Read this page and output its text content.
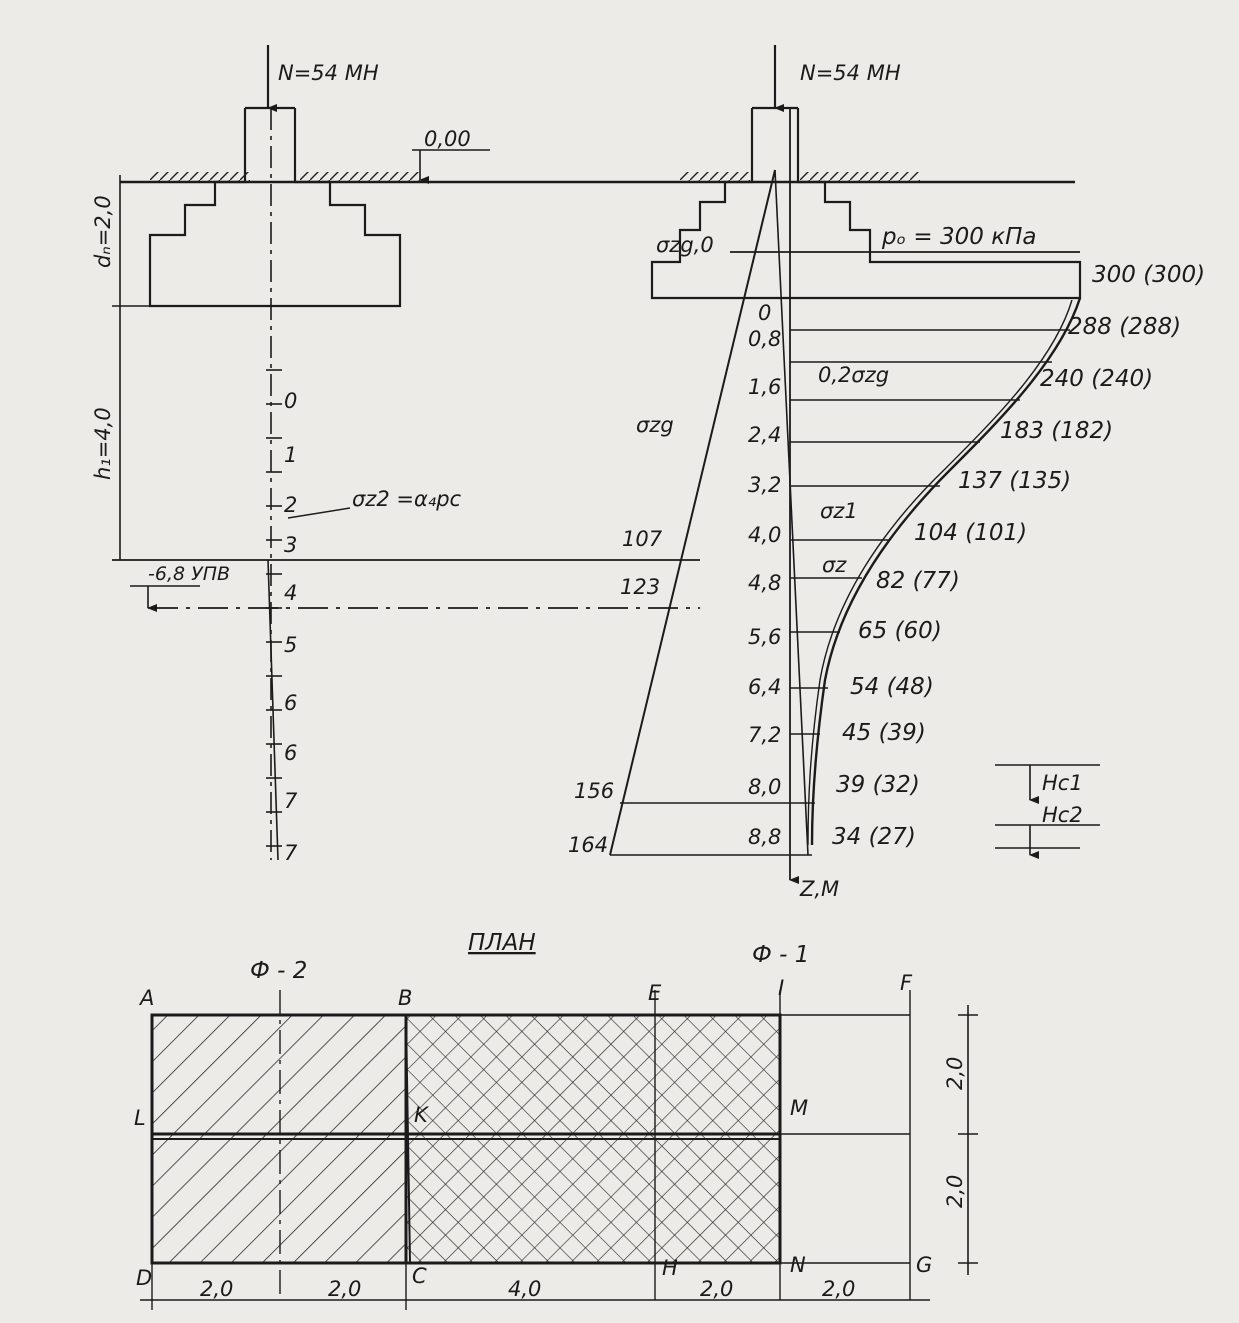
N=54 MH
0,00
dₙ=2,0
h₁=4,0
σz2 =α₄pᴄ
-6,8 УПВ
0
1
2
3
4
5
6
6
7
7
N=54 MH
pₒ = 300 кПа
σzg,0
σzg
0,2σzg
σz1
σz
Z,M
Ф - 1
Hc1
Hc2
0
0,8
1,6
2,4
3,2
4,0
4,8
5,6
6,4
7,2
8,0
8,8
300 (300)
288 (288)
240 (240)
183 (182)
137 (135)
104 (101)
82 (77)
65 (60)
54 (48)
45 (39)
39 (32)
34 (27)
107
123
156
164
ПЛАН
Ф - 2
A	B	E	I	F
L	K	M
D	C	H	N	G
2,0	2,0	4,0	2,0	2,0
2,0
2,0
